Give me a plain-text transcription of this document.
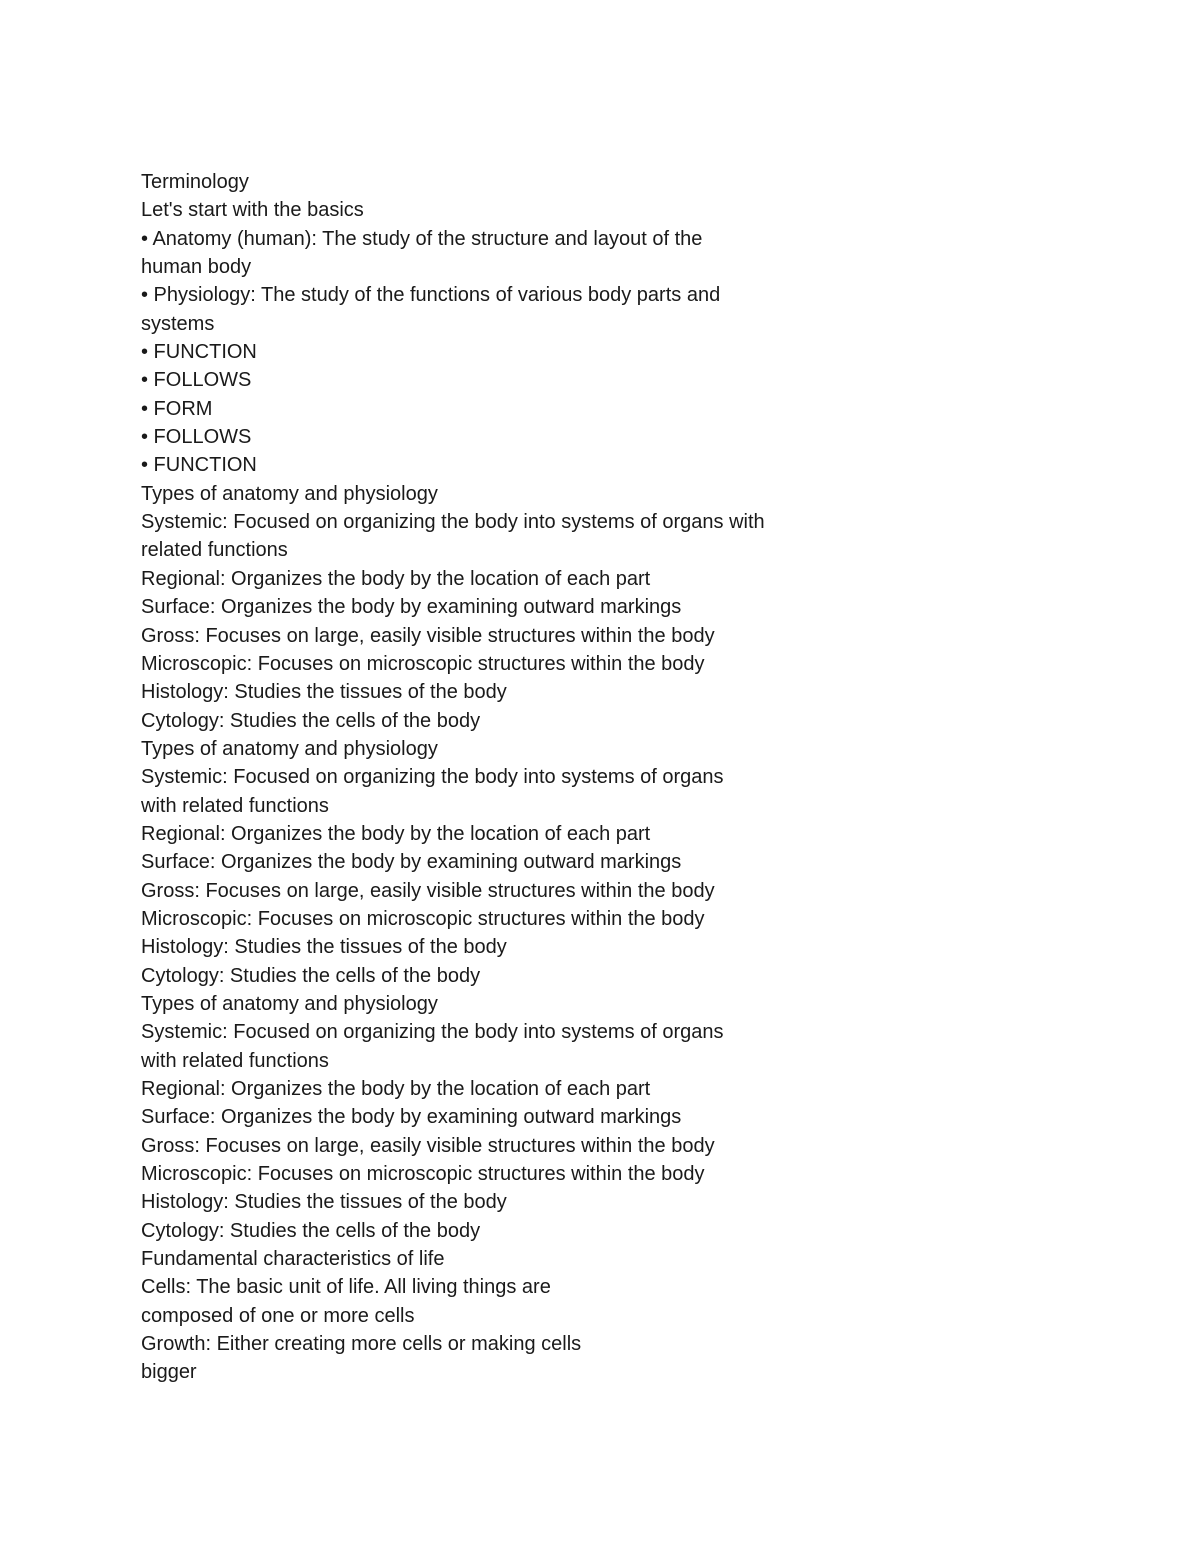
Terminology
Let's start with the basics
• Anatomy (human): The study of the structure and layout of the
human body
• Physiology: The study of the functions of various body parts and
systems
• FUNCTION
• FOLLOWS
• FORM
• FOLLOWS
• FUNCTION
Types of anatomy and physiology
Systemic: Focused on organizing the body into systems of organs with
related functions
Regional: Organizes the body by the location of each part
Surface: Organizes the body by examining outward markings
Gross: Focuses on large, easily visible structures within the body
Microscopic: Focuses on microscopic structures within the body
Histology: Studies the tissues of the body
Cytology: Studies the cells of the body
Types of anatomy and physiology
Systemic: Focused on organizing the body into systems of organs
with related functions
Regional: Organizes the body by the location of each part
Surface: Organizes the body by examining outward markings
Gross: Focuses on large, easily visible structures within the body
Microscopic: Focuses on microscopic structures within the body
Histology: Studies the tissues of the body
Cytology: Studies the cells of the body
Types of anatomy and physiology
Systemic: Focused on organizing the body into systems of organs
with related functions
Regional: Organizes the body by the location of each part
Surface: Organizes the body by examining outward markings
Gross: Focuses on large, easily visible structures within the body
Microscopic: Focuses on microscopic structures within the body
Histology: Studies the tissues of the body
Cytology: Studies the cells of the body
Fundamental characteristics of life
Cells: The basic unit of life. All living things are
composed of one or more cells
Growth: Either creating more cells or making cells
bigger
